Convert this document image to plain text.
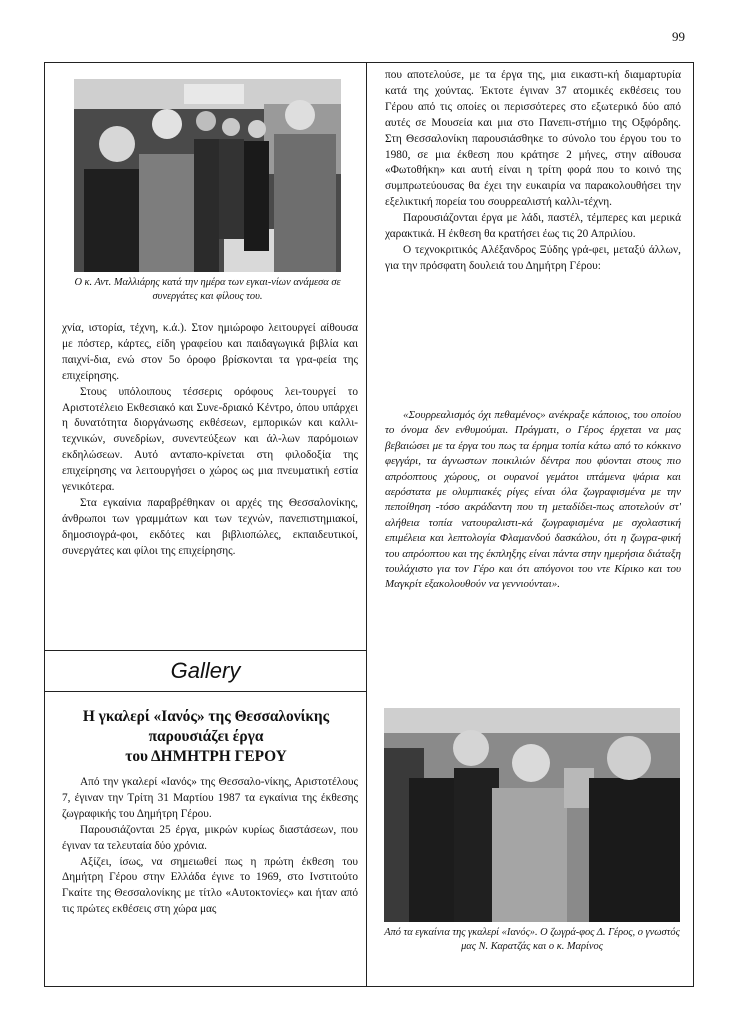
99
Ο κ. Αντ. Μαλλιάρης κατά την ημέρα των εγκαι-νίων ανάμεσα σε συνεργάτες και φίλους του.

χνία, ιστορία, τέχνη, κ.ά.). Στον ημιώροφο λειτουργεί αίθουσα με πόστερ, κάρτες, είδη γραφείου και παιδαγωγικά βιβλία και παιχνί-δια, ενώ στον 5ο όροφο βρίσκονται τα γρα-φεία της επιχείρησης.

Στους υπόλοιπους τέσσερις ορόφους λει-τουργεί το Αριστοτέλειο Εκθεσιακό και Συνε-δριακό Κέντρο, όπου υπάρχει η δυνατότητα διοργάνωσης εκθέσεων, εμπορικών και καλλι-τεχνικών, συνεδρίων, συνεντεύξεων και άλ-λων παρόμοιων εκδηλώσεων. Αυτό ανταπο-κρίνεται στη φιλοδοξία της επιχείρησης να λειτουργήσει ο χώρος ως μια πνευματική εστία γενικότερα.

Στα εγκαίνια παραβρέθηκαν οι αρχές της Θεσσαλονίκης, άνθρωποι των γραμμάτων και των τεχνών, πανεπιστημιακοί, δημοσιογρά-φοι, εκδότες και βιβλιοπώλες, εκπαιδευτικοί, συνεργάτες και φίλοι της επιχείρησης.

Gallery
Η γκαλερί «Ιανός» της Θεσσαλονίκης
παρουσιάζει έργα
του ΔΗΜΗΤΡΗ ΓΕΡΟΥ

Από την γκαλερί «Ιανός» της Θεσσαλο-νίκης, Αριστοτέλους 7, έγιναν την Τρίτη 31 Μαρτίου 1987 τα εγκαίνια της έκθεσης ζωγραφικής του Δημήτρη Γέρου.

Παρουσιάζονται 25 έργα, μικρών κυρίως διαστάσεων, που έγιναν τα τελευταία δύο χρόνια.

Αξίζει, ίσως, να σημειωθεί πως η πρώτη έκθεση του Δημήτρη Γέρου στην Ελλάδα έγινε το 1969, στο Ινστιτούτο Γκαίτε της Θεσσαλονίκης με τίτλο «Αυτοκτονίες» και ήταν από τις πρώτες εκθέσεις στη χώρα μας

που αποτελούσε, με τα έργα της, μια εικαστι-κή διαμαρτυρία κατά της χούντας. Έκτοτε έγιναν 37 ατομικές εκθέσεις του Γέρου από τις οποίες οι περισσότερες στο εξωτερικό δύο από αυτές σε Μουσεία και μια στο Πανεπι-στήμιο της Οξφόρδης. Στη Θεσσαλονίκη παρουσιάσθηκε το σύνολο του έργου του το 1980, σε μια έκθεση που κράτησε 2 μήνες, στην αίθουσα «Φωτοθήκη» και αυτή είναι η τρίτη φορά που το κοινό της συμπρωτεύουσας θα έχει την ευκαιρία να παρακολουθήσει την εξελικτική πορεία του σουρρεαλιστή καλλι-τέχνη.

Παρουσιάζονται έργα με λάδι, παστέλ, τέμπερες και μερικά χαρακτικά. Η έκθεση θα κρατήσει έως τις 20 Απριλίου.

Ο τεχνοκριτικός Αλέξανδρος Ξύδης γρά-φει, μεταξύ άλλων, για την πρόσφατη δουλειά του Δημήτρη Γέρου:

«Σουρρεαλισμός όχι πεθαμένος» ανέκραξε κάποιος, του οποίου το όνομα δεν ενθυμούμαι. Πράγματι, ο Γέρος έρχεται να μας βεβαιώσει με τα έργα του πως τα έρημα τοπία κάτω από το κόκκινο φεγγάρι, τα άγνωστων ποικιλιών δέντρα που φύονται στους πιο απρόοπτους χώρους, οι ουρανοί γεμάτοι ιπτάμενα ψάρια και αερόστατα με ολυμπιακές ρίγες είναι όλα ζωγραφισμένα με την πεποίθηση -τόσο ακράδαντη που τη μεταδίδει-πως αποτελούν στ' αλήθεια τοπία νατουραλιστι-κά ζωγραφισμένα με σχολαστική επιμέλεια και λεπτολογία Φλαμανδού δασκάλου, ότι η ζωγρα-φική του απρόοπτου και της έκπληξης είναι πάντα στην ημερήσια διάταξη τουλάχιστο για τον Γέρο και ότι απόγονοι του ντε Κίρικο και του Μαγκρίτ εξακολουθούν να γεννιούνται».

Από τα εγκαίνια της γκαλερί «Ιανός». Ο ζωγρά-φος Δ. Γέρος, ο γνωστός μας Ν. Καρατζάς και ο κ. Μαρίνος
